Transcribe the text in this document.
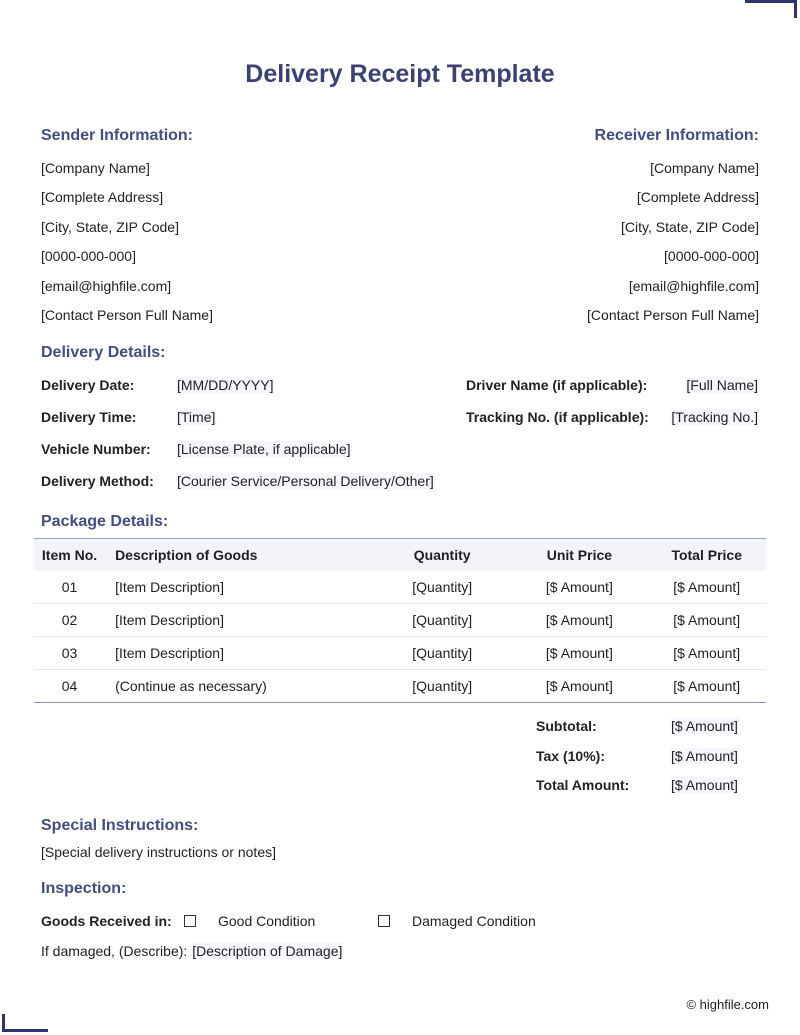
Delivery Receipt Template
Sender Information:	Receiver Information:
[Company Name]
[Complete Address]
[City, State, ZIP Code]
[0000-000-000]
[email@highfile.com]
[Contact Person Full Name]
[Company Name]
[Complete Address]
[City, State, ZIP Code]
[0000-000-000]
[email@highfile.com]
[Contact Person Full Name]
Delivery Details:
Delivery Date:	[MM/DD/YYYY]
Delivery Time:	[Time]
Vehicle Number: [License Plate, if applicable]
Delivery Method: [Courier Service/Personal Delivery/Other]
Driver Name (if applicable):	[Full Name]
Tracking No. (if applicable): [Tracking No.]
Package Details:
Item No.	Description of Goods	Quantity	Unit Price	Total Price
01	[Item Description]	[Quantity]	[$ Amount]	[$ Amount]
02	[Item Description]	[Quantity]	[$ Amount]	[$ Amount]
03	[Item Description]	[Quantity]	[$ Amount]	[$ Amount]
04	(Continue as necessary)	[Quantity]	[$ Amount]	[$ Amount]
Subtotal:	[$ Amount]
Tax (10%):	[$ Amount]
Total Amount:	[$ Amount]
Special Instructions:
[Special delivery instructions or notes]
Inspection:
Goods Received in:	Good Condition	Damaged Condition
If damaged, (Describe): [Description of Damage]
© highfile.com
